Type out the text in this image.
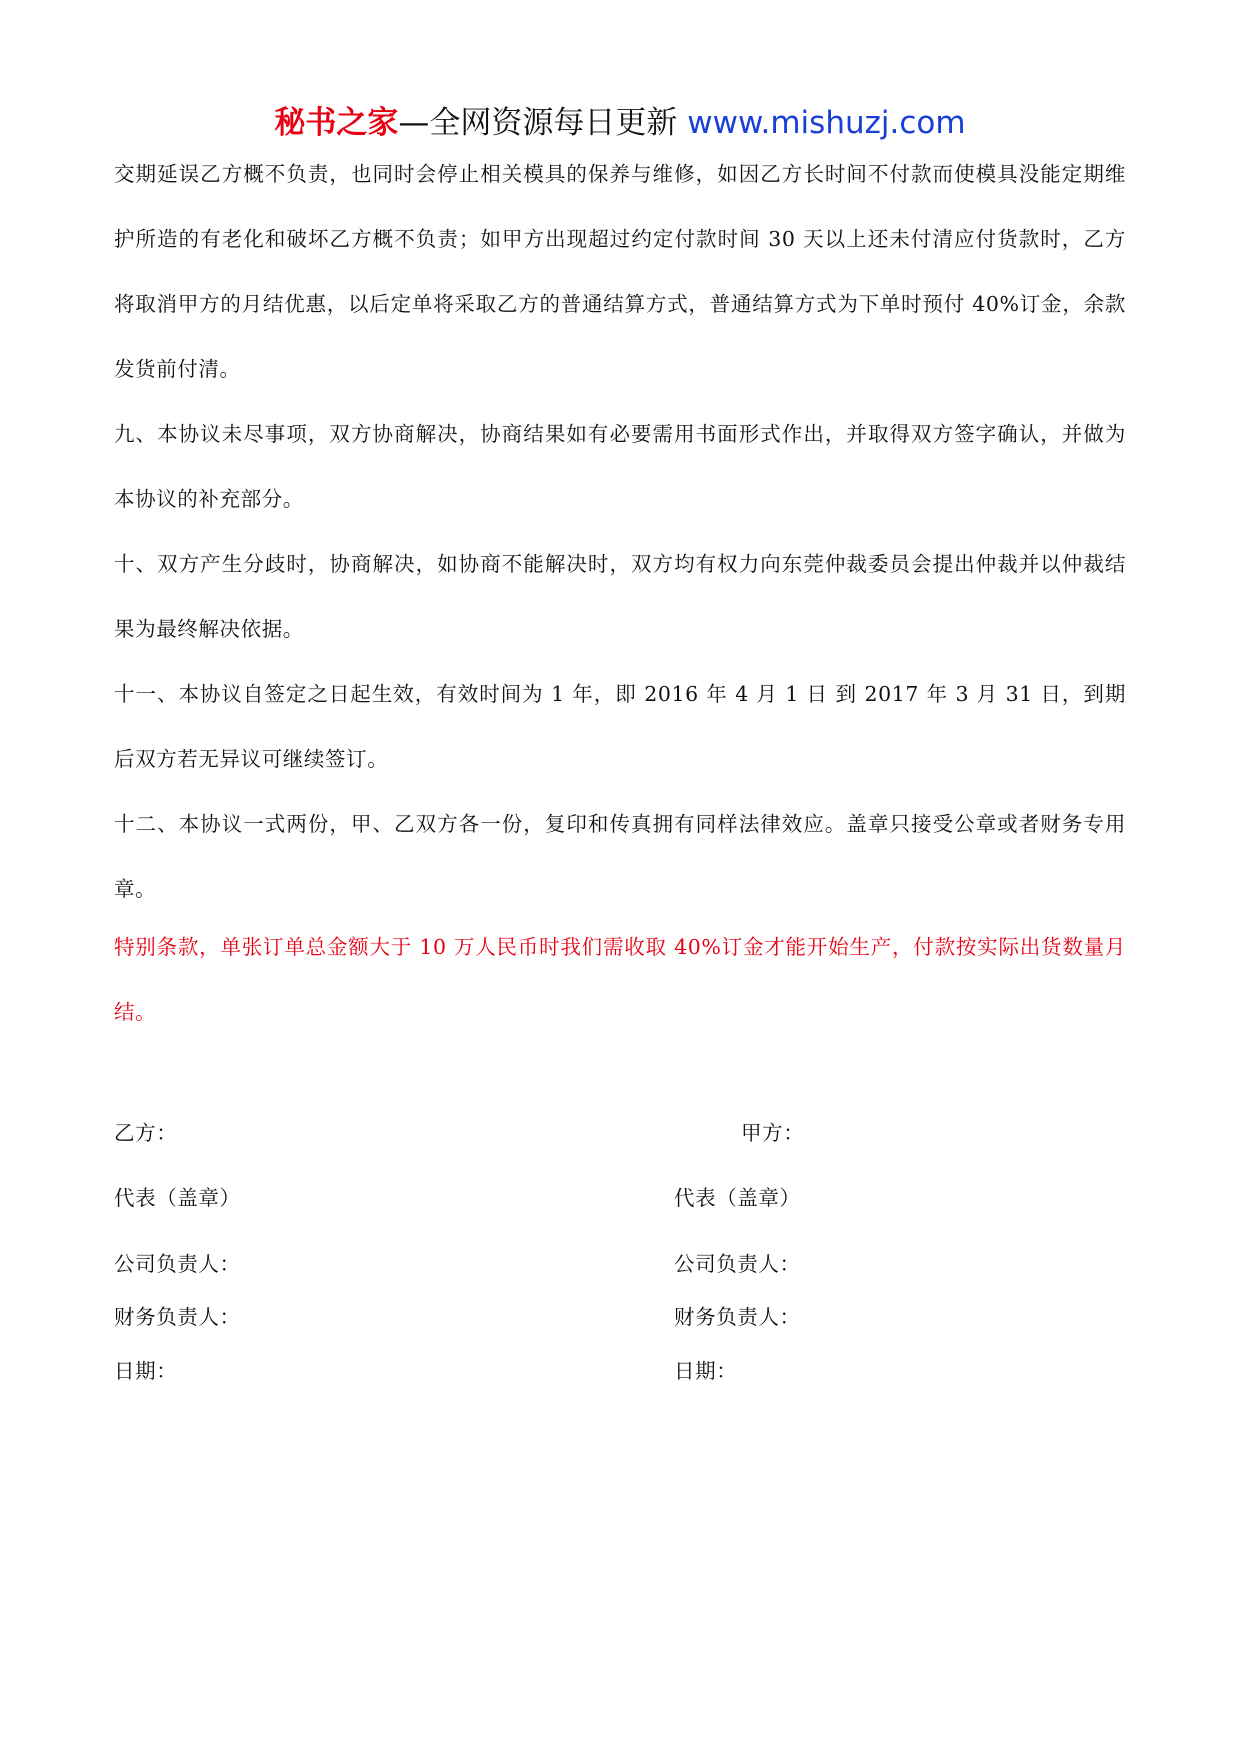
秘书之家—全网资源每日更新 www.mishuzj.com
交期延误乙方概不负责，也同时会停止相关模具的保养与维修，如因乙方长时间不付款而使模具没能定期维护所造的有老化和破坏乙方概不负责；如甲方出现超过约定付款时间 30 天以上还未付清应付货款时，乙方将取消甲方的月结优惠，以后定单将采取乙方的普通结算方式，普通结算方式为下单时预付 40%订金，余款发货前付清。
九、本协议未尽事项，双方协商解决，协商结果如有必要需用书面形式作出，并取得双方签字确认，并做为本协议的补充部分。
十、双方产生分歧时，协商解决，如协商不能解决时，双方均有权力向东莞仲裁委员会提出仲裁并以仲裁结果为最终解决依据。
十一、本协议自签定之日起生效，有效时间为 1 年，即 2016 年 4 月 1 日 到 2017 年 3 月 31 日，到期后双方若无异议可继续签订。
十二、本协议一式两份，甲、乙双方各一份，复印和传真拥有同样法律效应。盖章只接受公章或者财务专用章。
特别条款，单张订单总金额大于 10 万人民币时我们需收取 40%订金才能开始生产，付款按实际出货数量月结。
乙方：	甲方：
代表（盖章）	代表（盖章）
公司负责人：	公司负责人：
财务负责人：	财务负责人：
日期：	日期：
